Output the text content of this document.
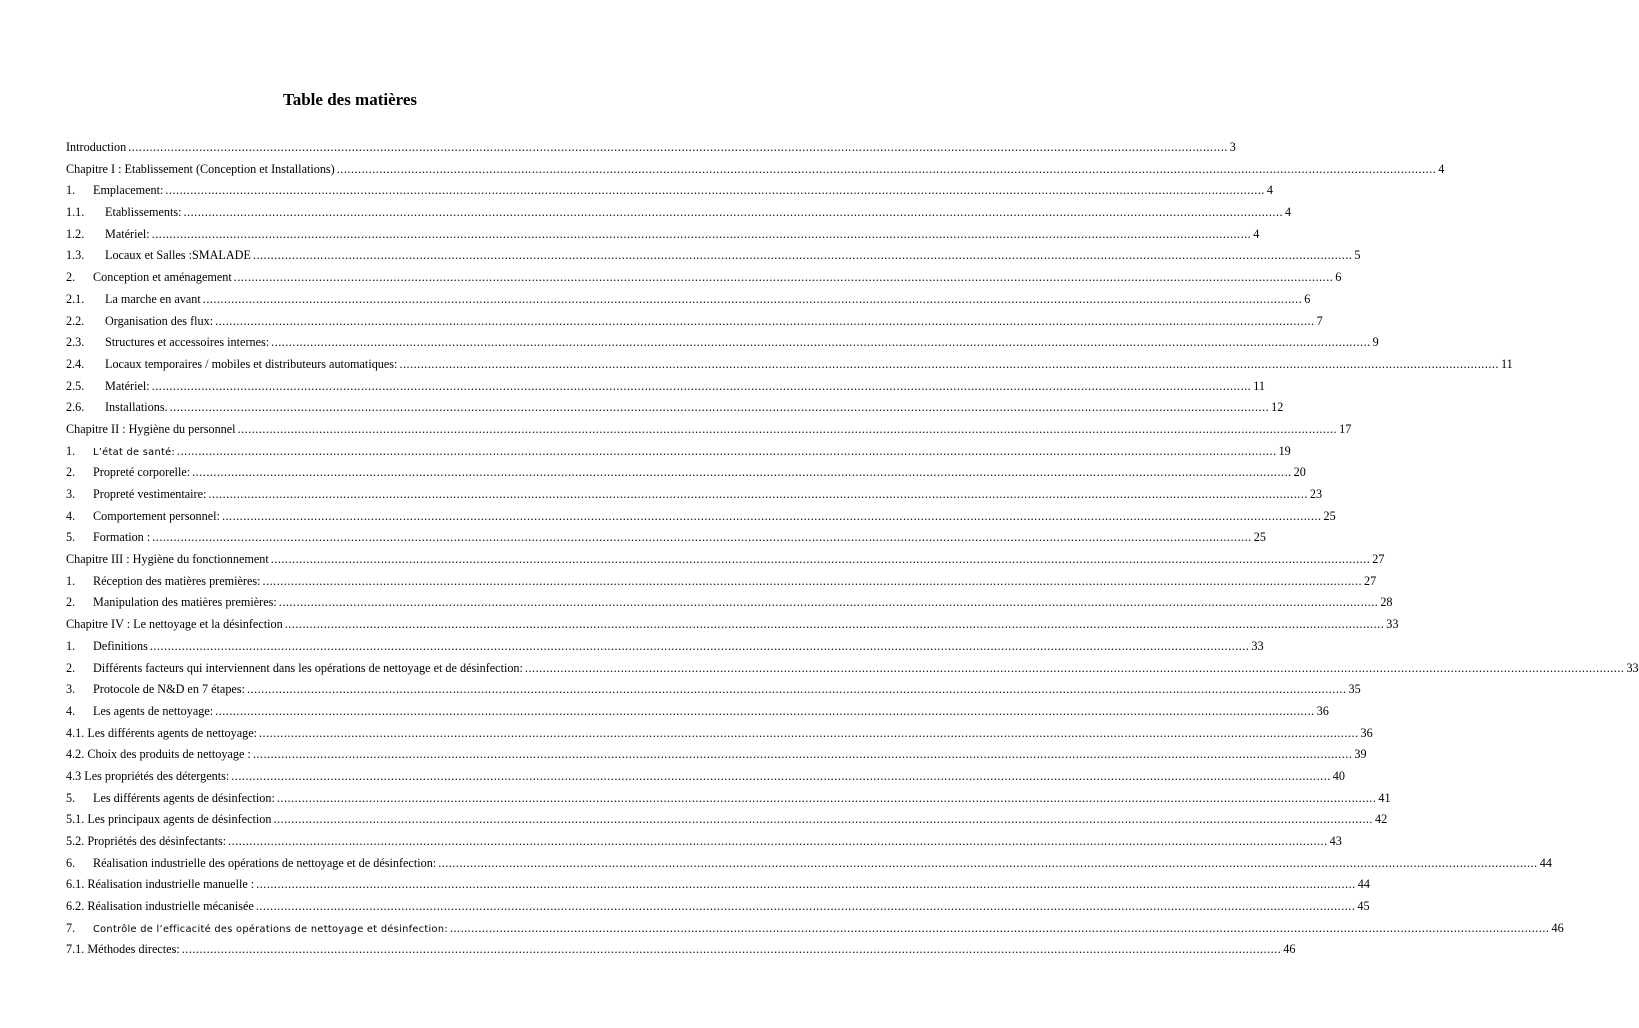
Table des matières
Introduction .....	3
Chapitre I : Etablissement (Conception et Installations) .....	4
1.	Emplacement: .....	4
1.1.	Etablissements: .....	4
1.2.	Matériel: .....	4
1.3.	Locaux et Salles :SMALADE .....	5
2.	Conception et aménagement .....	6
2.1.	La marche en avant .....	6
2.2.	Organisation des flux: .....	7
2.3.	Structures et accessoires internes: .....	9
2.4.	Locaux temporaires / mobiles et distributeurs automatiques: .....	11
2.5.	Matériel: .....	11
2.6.	Installations. .....	12
Chapitre II : Hygiène du personnel .....	17
1.	L’état de santé: .....	19
2.	Propreté corporelle: .....	20
3.	Propreté vestimentaire: .....	23
4.	Comportement personnel: .....	25
5.	Formation : .....	25
Chapitre III : Hygiène du fonctionnement .....	27
1.	Réception des matières premières: .....	27
2.	Manipulation des matières premières: .....	28
Chapitre IV : Le nettoyage et la désinfection .....	33
1.	Definitions .....	33
2.	Différents facteurs qui interviennent dans les opérations de nettoyage et de désinfection: .....	33
3.	Protocole de N&D en 7 étapes: .....	35
4.	Les agents de nettoyage: .....	36
4.1. Les différents agents de nettoyage: .....	36
4.2. Choix des produits de nettoyage : .....	39
4.3 Les propriétés des détergents: .....	40
5.	Les différents agents de désinfection: .....	41
5.1. Les principaux agents de désinfection .....	42
5.2. Propriétés des désinfectants: .....	43
6.	Réalisation industrielle des opérations de nettoyage et de désinfection: .....	44
6.1. Réalisation industrielle manuelle : .....	44
6.2. Réalisation industrielle mécanisée .....	45
7.	Contrôle de l’efficacité des opérations de nettoyage et désinfection: .....	46
7.1. Méthodes directes: .....	46
